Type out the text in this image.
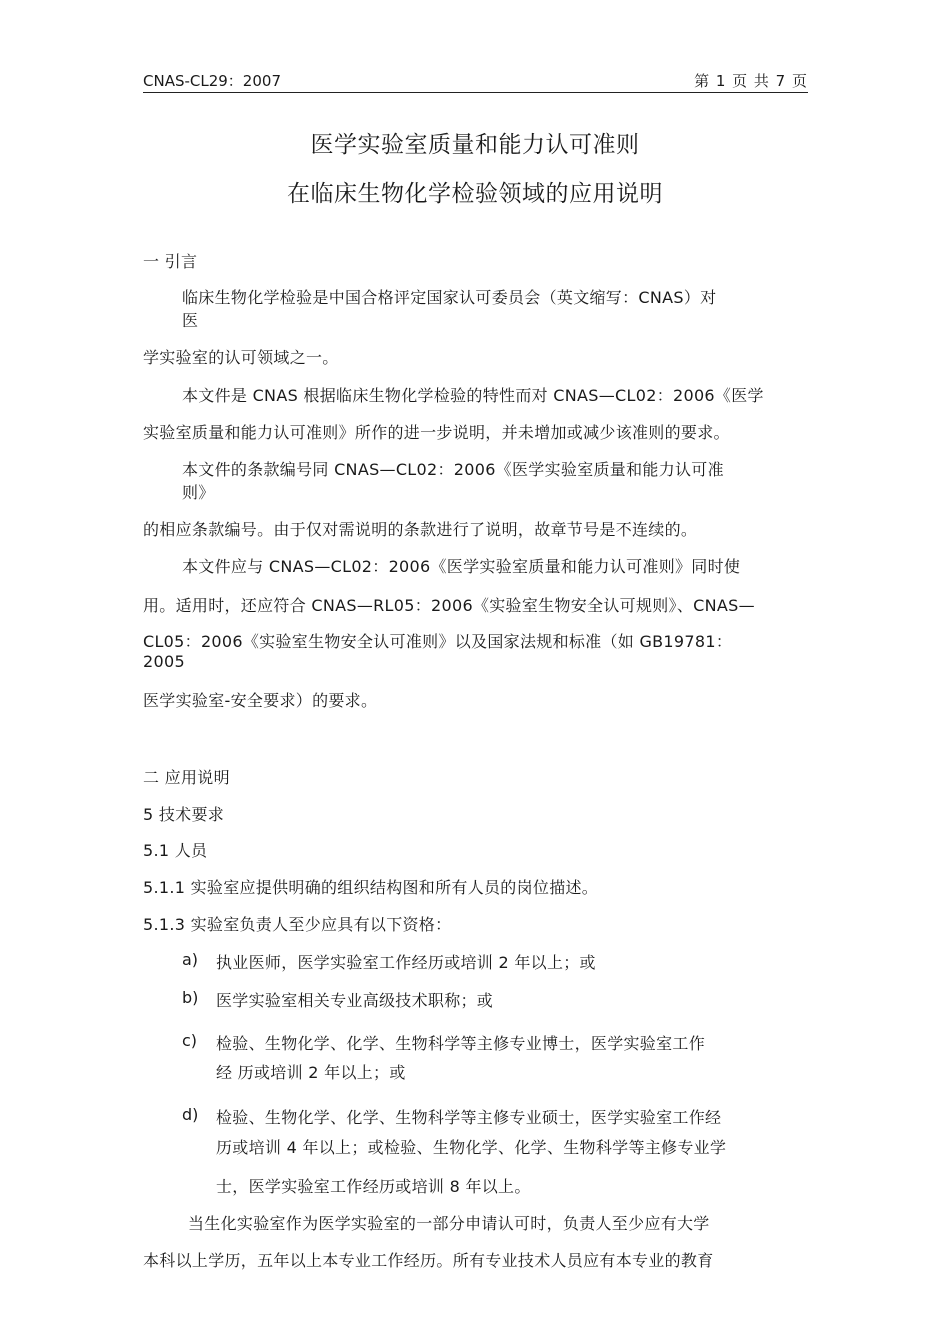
CNAS-CL29：2007	第 1 页 共 7 页
医学实验室质量和能力认可准则
在临床生物化学检验领域的应用说明
一 引言
临床生物化学检验是中国合格评定国家认可委员会（英文缩写：CNAS）对
医
学实验室的认可领域之一。
本文件是 CNAS 根据临床生物化学检验的特性而对 CNAS—CL02：2006《医学
实验室质量和能力认可准则》所作的进一步说明，并未增加或减少该准则的要求。
本文件的条款编号同 CNAS—CL02：2006《医学实验室质量和能力认可准
则》
的相应条款编号。由于仅对需说明的条款进行了说明，故章节号是不连续的。
本文件应与 CNAS—CL02：2006《医学实验室质量和能力认可准则》同时使
用。适用时，还应符合 CNAS—RL05：2006《实验室生物安全认可规则》、CNAS—
CL05：2006《实验室生物安全认可准则》以及国家法规和标准（如 GB19781：
2005
医学实验室-安全要求）的要求。
二 应用说明
5 技术要求
5.1 人员
5.1.1 实验室应提供明确的组织结构图和所有人员的岗位描述。
5.1.3 实验室负责人至少应具有以下资格：
a) 执业医师，医学实验室工作经历或培训 2 年以上；或
b) 医学实验室相关专业高级技术职称；或
c) 检验、生物化学、化学、生物科学等主修专业博士，医学实验室工作
经 历或培训 2 年以上；或
d) 检验、生物化学、化学、生物科学等主修专业硕士，医学实验室工作经
历或培训 4 年以上；或检验、生物化学、化学、生物科学等主修专业学
士，医学实验室工作经历或培训 8 年以上。
当生化实验室作为医学实验室的一部分申请认可时，负责人至少应有大学
本科以上学历，五年以上本专业工作经历。所有专业技术人员应有本专业的教育
